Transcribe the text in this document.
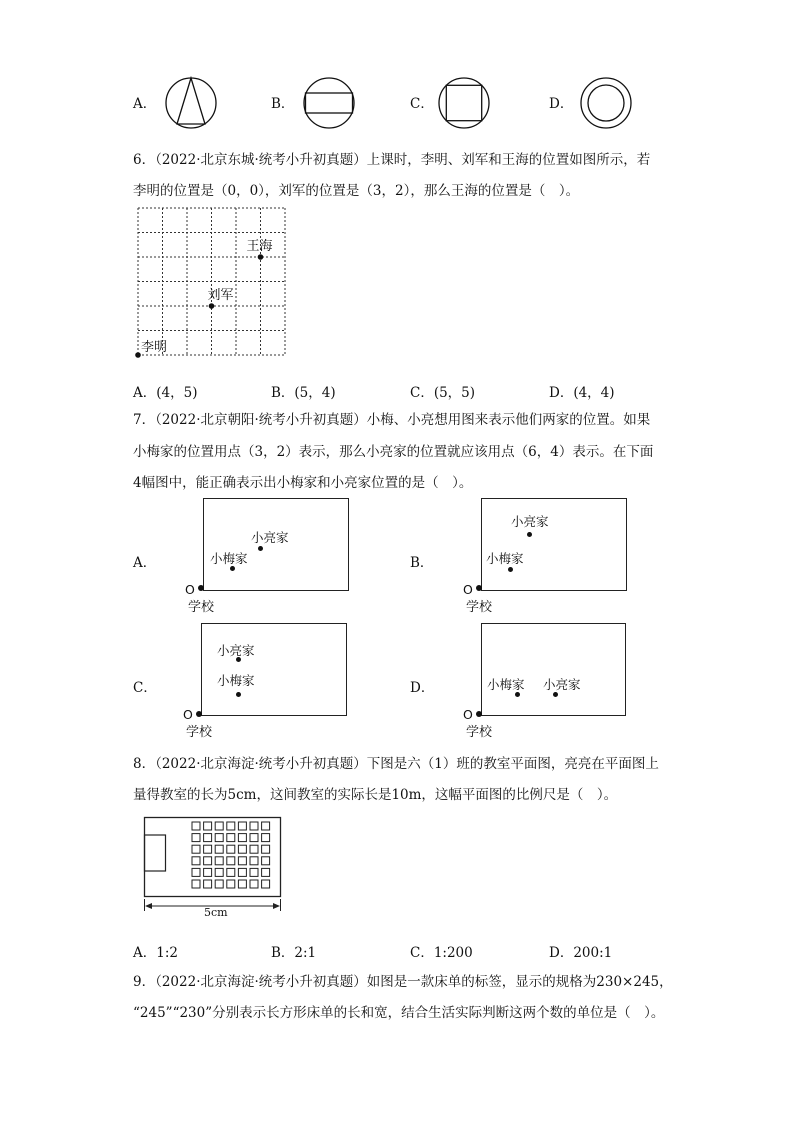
A．	B．	C．	D．
6．（2022·北京东城·统考小升初真题）上课时，李明、刘军和王海的位置如图所示，若
李明的位置是（0，0），刘军的位置是（3，2），那么王海的位置是（　）。
李明
刘军
王海
A．(4，5)	B．(5，4)	C．(5，5)	D．(4，4)
7．（2022·北京朝阳·统考小升初真题）小梅、小亮想用图来表示他们两家的位置。如果
小梅家的位置用点（3，2）表示，那么小亮家的位置就应该用点（6，4）表示。在下面
4幅图中，能正确表示出小梅家和小亮家位置的是（　）。
A．
O
学校
小梅家
小亮家
B．
O
学校
小梅家
小亮家
C．
O
学校
小梅家
小亮家
D．
O
学校
小梅家 小亮家
8．（2022·北京海淀·统考小升初真题）下图是六（1）班的教室平面图，亮亮在平面图上
量得教室的长为5cm，这间教室的实际长是10m，这幅平面图的比例尺是（　）。
5cm
A．1:2	B．2:1	C．1:200	D．200:1
9．（2022·北京海淀·统考小升初真题）如图是一款床单的标签，显示的规格为230×245，
“245”“230”分别表示长方形床单的长和宽，结合生活实际判断这两个数的单位是（　）。
